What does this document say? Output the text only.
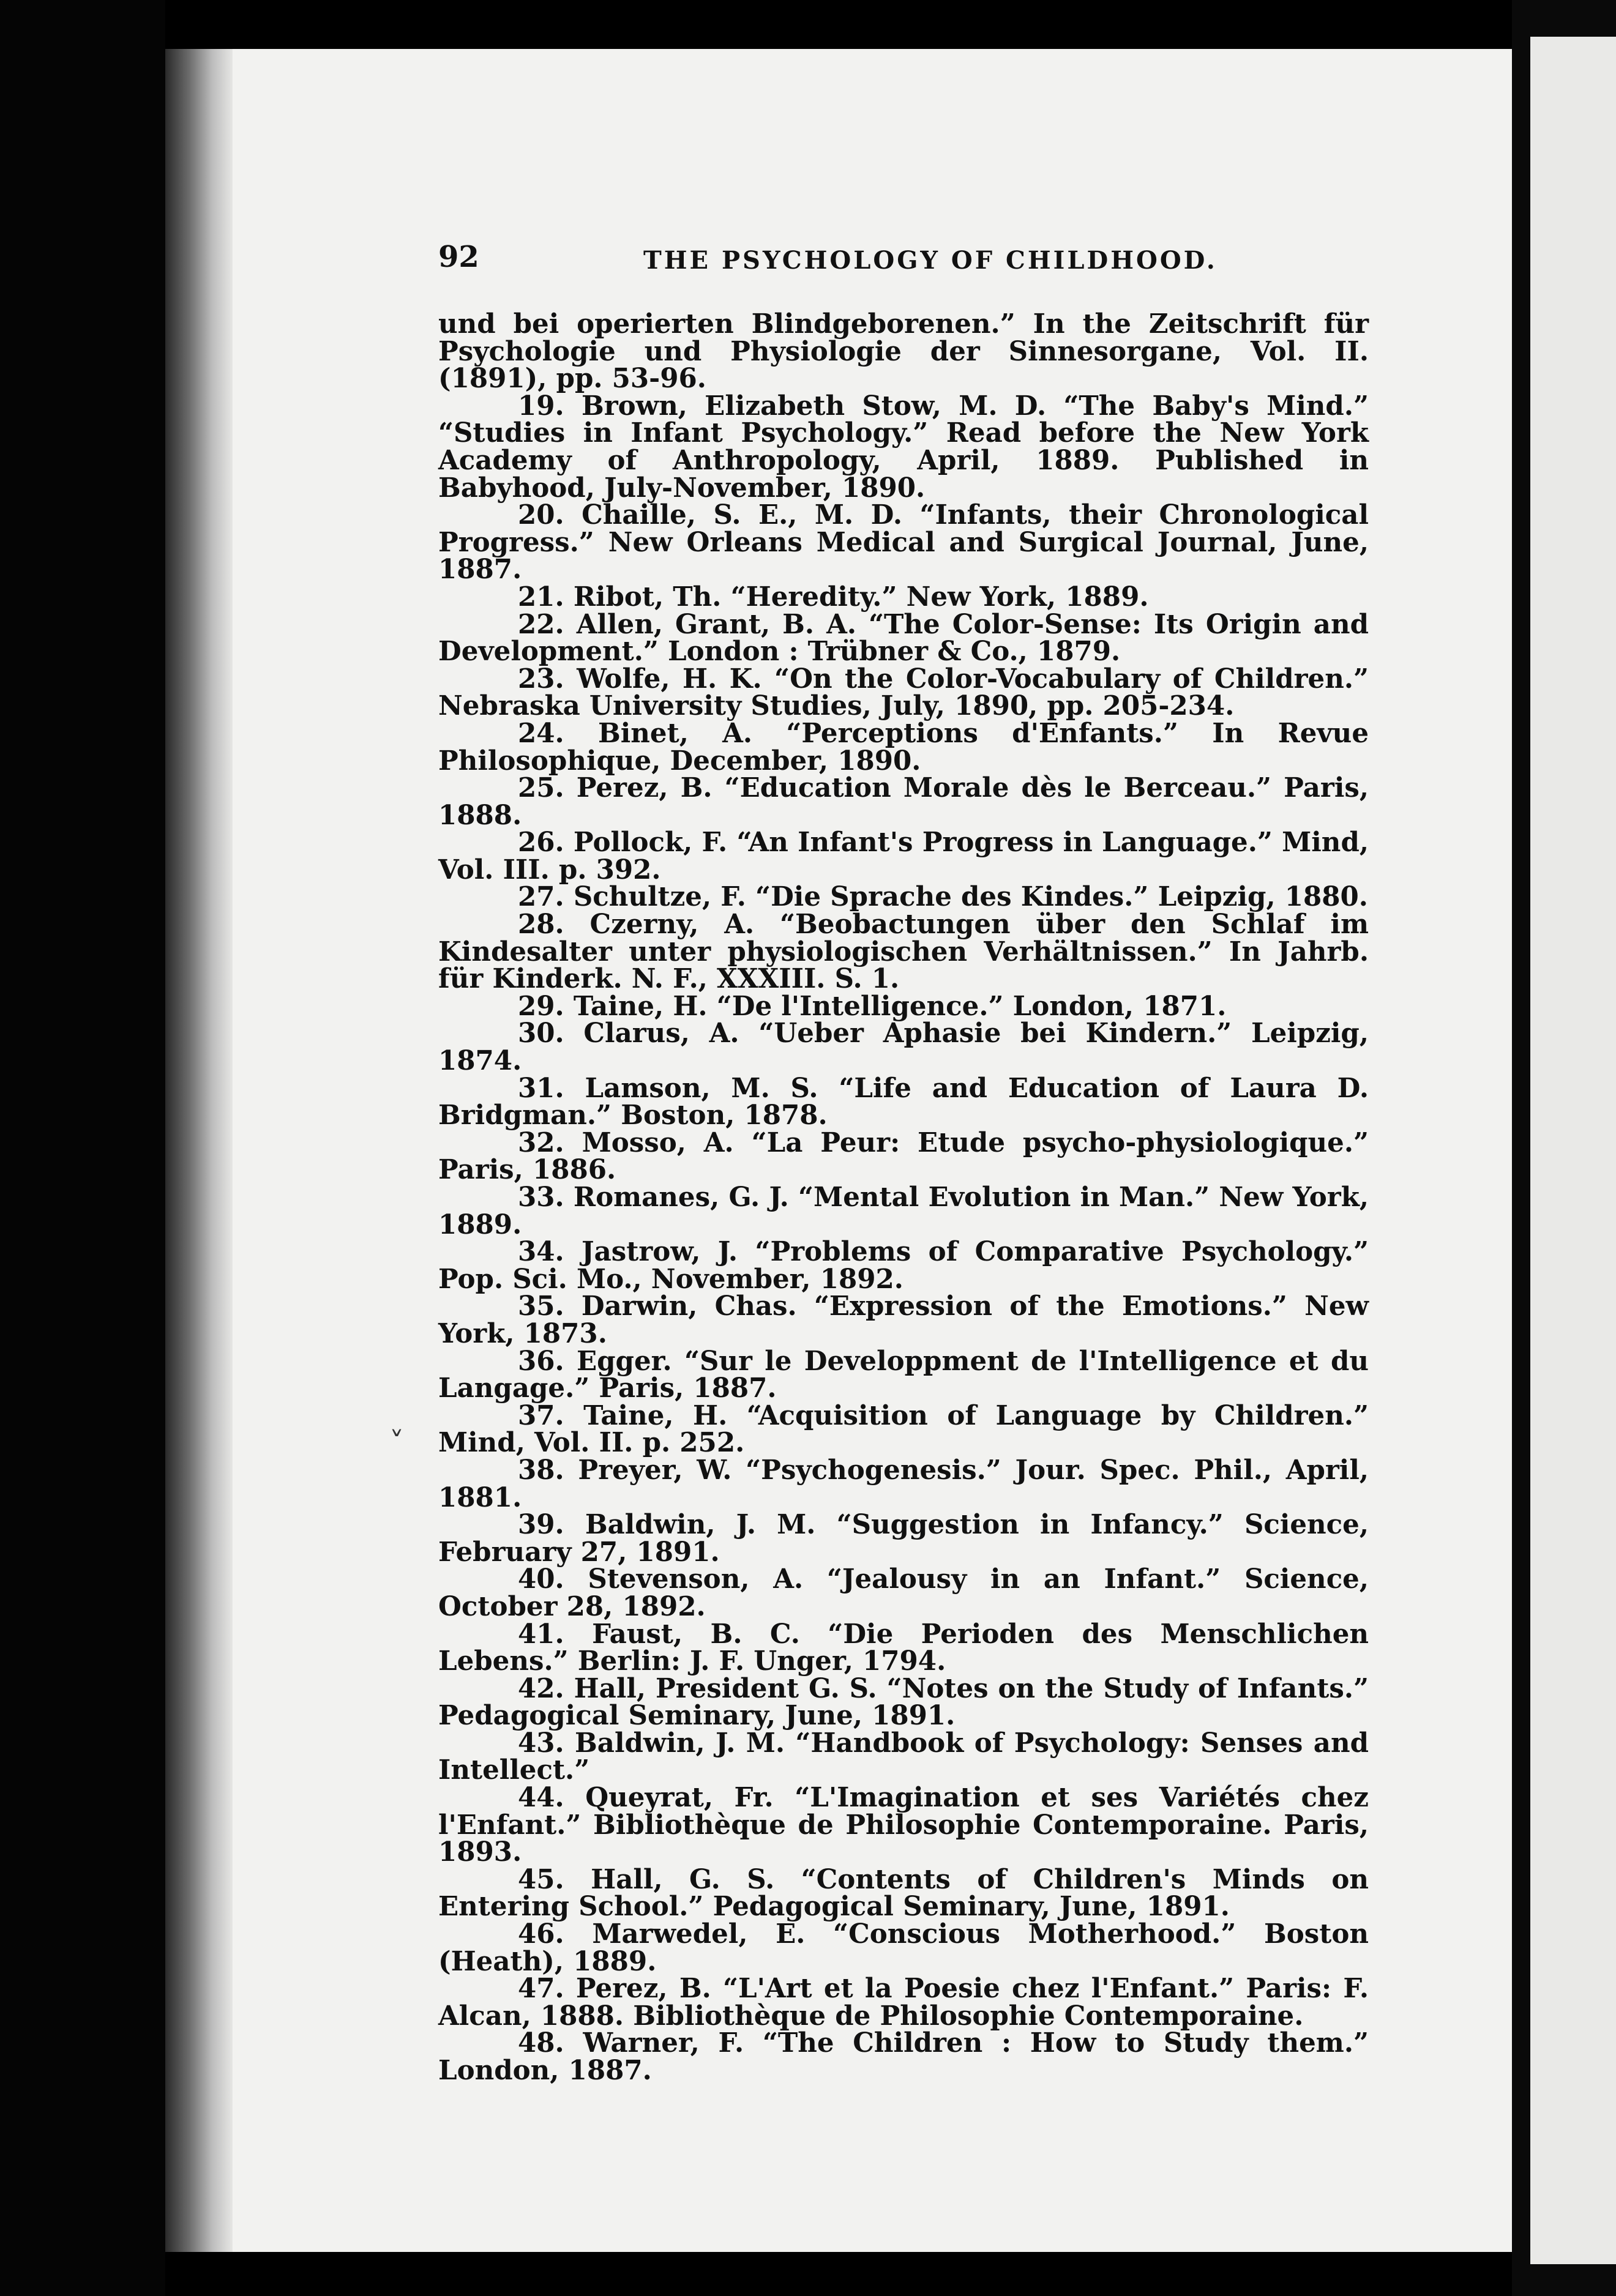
92	THE PSYCHOLOGY OF CHILDHOOD.

und bei operierten Blindgeborenen.” In the Zeitschrift für Psychologie und Physiologie der Sinnesorgane, Vol. II. (1891), pp. 53-96.

19. Brown, Elizabeth Stow, M. D. “The Baby's Mind.” “Studies in Infant Psychology.” Read before the New York Academy of Anthropology, April, 1889. Published in Babyhood, July-November, 1890.

20. Chaille, S. E., M. D. “Infants, their Chronological Progress.” New Orleans Medical and Surgical Journal, June, 1887.

21. Ribot, Th. “Heredity.” New York, 1889.

22. Allen, Grant, B. A. “The Color-Sense: Its Origin and Development.” London : Trübner & Co., 1879.

23. Wolfe, H. K. “On the Color-Vocabulary of Children.” Nebraska University Studies, July, 1890, pp. 205-234.

24. Binet, A. “Perceptions d'Enfants.” In Revue Philosophique, December, 1890.

25. Perez, B. “Education Morale dès le Berceau.” Paris, 1888.

26. Pollock, F. “An Infant's Progress in Language.” Mind, Vol. III. p. 392.

27. Schultze, F. “Die Sprache des Kindes.” Leipzig, 1880.

28. Czerny, A. “Beobactungen über den Schlaf im Kindesalter unter physiologischen Verhältnissen.” In Jahrb. für Kinderk. N. F., XXXIII. S. 1.

29. Taine, H. “De l'Intelligence.” London, 1871.

30. Clarus, A. “Ueber Aphasie bei Kindern.” Leipzig, 1874.

31. Lamson, M. S. “Life and Education of Laura D. Bridgman.” Boston, 1878.

32. Mosso, A. “La Peur: Etude psycho-physiologique.” Paris, 1886.

33. Romanes, G. J. “Mental Evolution in Man.” New York, 1889.

34. Jastrow, J. “Problems of Comparative Psychology.” Pop. Sci. Mo., November, 1892.

35. Darwin, Chas. “Expression of the Emotions.” New York, 1873.

36. Egger. “Sur le Developpment de l'Intelligence et du Langage.” Paris, 1887.

37. Taine, H. “Acquisition of Language by Children.” Mind, Vol. II. p. 252.

38. Preyer, W. “Psychogenesis.” Jour. Spec. Phil., April, 1881.

39. Baldwin, J. M. “Suggestion in Infancy.” Science, February 27, 1891.

40. Stevenson, A. “Jealousy in an Infant.” Science, October 28, 1892.

41. Faust, B. C. “Die Perioden des Menschlichen Lebens.” Berlin: J. F. Unger, 1794.

42. Hall, President G. S. “Notes on the Study of Infants.” Pedagogical Seminary, June, 1891.

43. Baldwin, J. M. “Handbook of Psychology: Senses and Intellect.”

44. Queyrat, Fr. “L'Imagination et ses Variétés chez l'Enfant.” Bibliothèque de Philosophie Contemporaine. Paris, 1893.

45. Hall, G. S. “Contents of Children's Minds on Entering School.” Pedagogical Seminary, June, 1891.

46. Marwedel, E. “Conscious Motherhood.” Boston (Heath), 1889.

47. Perez, B. “L'Art et la Poesie chez l'Enfant.” Paris: F. Alcan, 1888. Bibliothèque de Philosophie Contemporaine.

48. Warner, F. “The Children : How to Study them.” London, 1887.

˅
